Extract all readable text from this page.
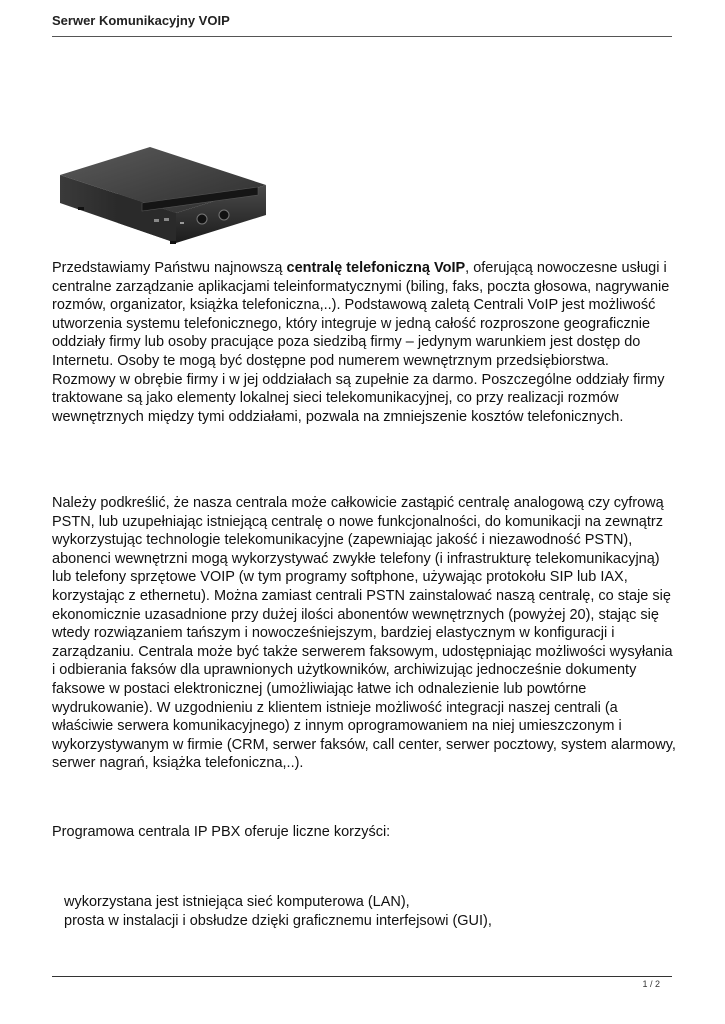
Serwer Komunikacyjny VOIP

Przedstawiamy Państwu najnowszą centralę telefoniczną VoIP, oferującą nowoczesne usługi i centralne zarządzanie aplikacjami teleinformatycznymi (biling, faks, poczta głosowa, nagrywanie rozmów, organizator, książka telefoniczna,..). Podstawową zaletą Centrali VoIP jest możliwość utworzenia systemu telefonicznego, który integruje w jedną całość rozproszone geograficznie oddziały firmy lub osoby pracujące poza siedzibą firmy – jedynym warunkiem jest dostęp do Internetu. Osoby te mogą być dostępne pod numerem wewnętrznym przedsiębiorstwa. Rozmowy w obrębie firmy i w jej oddziałach są zupełnie za darmo. Poszczególne oddziały firmy traktowane są jako elementy lokalnej sieci telekomunikacyjnej, co przy realizacji rozmów wewnętrznych między tymi oddziałami, pozwala na zmniejszenie kosztów telefonicznych.

Należy podkreślić, że nasza centrala może całkowicie zastąpić centralę analogową czy cyfrową PSTN, lub uzupełniając istniejącą centralę o nowe funkcjonalności, do komunikacji na zewnątrz wykorzystując technologie telekomunikacyjne (zapewniając jakość i niezawodność PSTN), abonenci wewnętrzni mogą wykorzystywać zwykłe telefony (i infrastrukturę telekomunikacyjną) lub telefony sprzętowe VOIP (w tym programy softphone, używając protokołu SIP lub IAX, korzystając z ethernetu). Można zamiast centrali PSTN zainstalować naszą centralę, co staje się ekonomicznie uzasadnione przy dużej ilości abonentów wewnętrznych (powyżej 20), stając się wtedy rozwiązaniem tańszym i nowocześniejszym, bardziej elastycznym w konfiguracji i zarządzaniu. Centrala może być także serwerem faksowym, udostępniając możliwości wysyłania i odbierania faksów dla uprawnionych użytkowników, archiwizując jednocześnie dokumenty faksowe w postaci elektronicznej (umożliwiając łatwe ich odnalezienie lub powtórne wydrukowanie). W uzgodnieniu z klientem istnieje możliwość integracji naszej centrali (a właściwie serwera komunikacyjnego) z innym oprogramowaniem na niej umieszczonym i wykorzystywanym w firmie (CRM, serwer faksów, call center, serwer pocztowy, system alarmowy, serwer nagrań, książka telefoniczna,..).

Programowa centrala IP PBX oferuje liczne korzyści:

wykorzystana jest istniejąca sieć komputerowa (LAN),
prosta w instalacji i obsłudze dzięki graficznemu interfejsowi (GUI),
1 / 2
